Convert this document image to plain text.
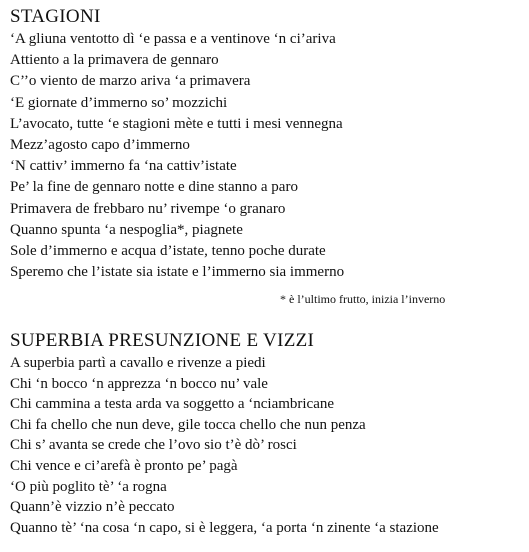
STAGIONI

‘A gliuna ventotto dì ‘e passa e a ventinove ‘n ci’ariva

Attiento a la primavera de gennaro

C’’o viento de marzo ariva ‘a primavera

‘E giornate d’immerno so’ mozzichi

L’avocato, tutte ‘e stagioni mète e tutti i mesi vennegna

Mezz’agosto capo d’immerno

‘N cattiv’ immerno fa ‘na cattiv’istate

Pe’ la fine de gennaro notte e dine stanno a paro

Primavera de frebbaro nu’ rivempe ‘o granaro

Quanno spunta ‘a nespoglia*, piagnete

Sole d’immerno e acqua d’istate, tenno poche durate

Speremo che l’istate sia istate e l’immerno sia immerno

* è l’ultimo frutto, inizia l’inverno
SUPERBIA PRESUNZIONE E VIZZI

A superbia partì a cavallo e rivenze a piedi

Chi ‘n bocco ‘n apprezza ‘n bocco nu’ vale

Chi cammina a testa arda va soggetto a ‘nciambricane

Chi fa chello che nun deve, gile tocca chello che nun penza

Chi s’ avanta se crede che l’ovo sio t’è dò’ rosci

Chi vence e ci’arefà è pronto pe’ pagà

‘O più poglito tè’ ‘a rogna

Quann’è vizzio n’è peccato

Quanno tè’ ‘na cosa ‘n capo, si è leggera, ‘a porta ‘n zinente ‘a stazione
